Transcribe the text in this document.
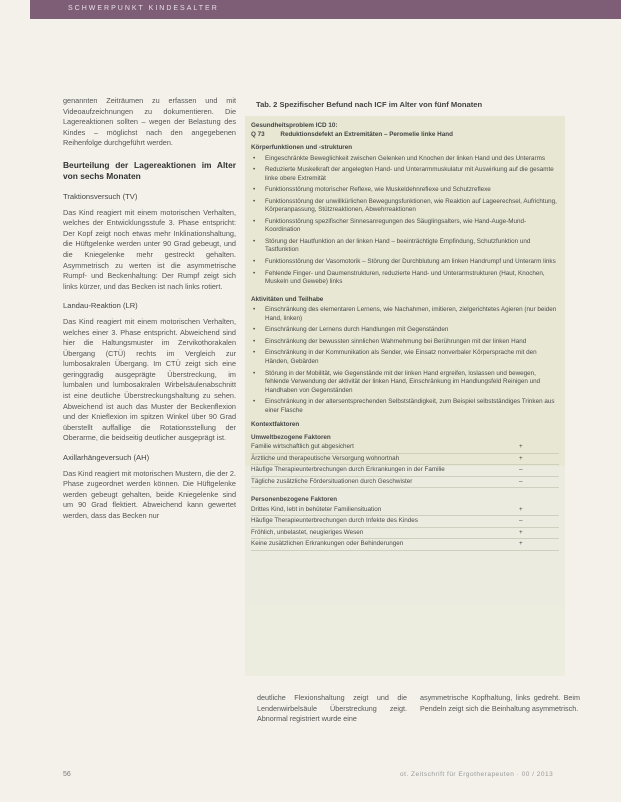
SCHWERPUNKT KINDESALTER

genannten Zeiträumen zu erfassen und mit Videoaufzeichnungen zu dokumentieren. Die Lagereaktionen sollten – wegen der Belastung des Kindes – möglichst nach den angegebenen Reihenfolge durchgeführt werden.

Beurteilung der Lagereaktionen im Alter von sechs Monaten
Traktionsversuch (TV)

Das Kind reagiert mit einem motorischen Verhalten, welches der Entwicklungsstufe 3. Phase entspricht: Der Kopf zeigt noch etwas mehr Inklinationshaltung, die Hüftgelenke werden unter 90 Grad gebeugt, und die Kniegelenke mehr gestreckt gehalten. Asymmetrisch zu werten ist die asymmetrische Rumpf- und Beckenhaltung: Der Rumpf zeigt sich links kürzer, und das Becken ist nach links rotiert.

Landau-Reaktion (LR)

Das Kind reagiert mit einem motorischen Verhalten, welches einer 3. Phase entspricht. Abweichend sind hier die Haltungsmuster im Zervikothorakalen Übergang (CTÜ) rechts im Vergleich zur lumbosakralen Übergang. Im CTÜ zeigt sich eine geringgradig ausgeprägte Überstreckung, im lumbalen und lumbosakralen Wirbelsäulenabschnitt ist eine deutliche Überstreckungshaltung zu sehen. Abweichend ist auch das Muster der Beckenflexion und der Knieflexion im spitzen Winkel über 90 Grad überstellt auffallige die Rotationsstellung der Oberarme, die beidseitig deutlicher ausgeprägt ist.

Axillarhängeversuch (AH)

Das Kind reagiert mit motorischen Mustern, die der 2. Phase zugeordnet werden können. Die Hüftgelenke werden gebeugt gehalten, beide Kniegelenke sind um 90 Grad flektiert. Abweichend kann gewertet werden, dass das Becken nur

Tab. 2 Spezifischer Befund nach ICF im Alter von fünf Monaten
Gesundheitsproblem ICD 10:
Q 73	Reduktionsdefekt an Extremitäten – Peromelie linke Hand
Körperfunktionen und -strukturen
• Eingeschränkte Beweglichkeit zwischen Gelenken und Knochen der linken Hand und des Unterarms
• Reduzierte Muskelkraft der angelegten Hand- und Unterarmmuskulatur mit Auswirkung auf die gesamte linke obere Extremität
• Funktionsstörung motorischer Reflexe, wie Muskeldehnreflexe und Schutzreflexe
• Funktionsstörung der unwillkürlichen Bewegungsfunktionen, wie Reaktion auf Lageerechsel, Aufrichtung, Körperanpassung, Stützreaktionen, Abwehrreaktionen
• Funktionsstörung spezifischer Sinnesanregungen des Säuglingsalters, wie Hand-Auge-Mund-Koordination
• Störung der Hautfunktion an der linken Hand – beeinträchtigte Empfindung, Schutzfunktion und Tastfunktion
• Funktionsstörung der Vasomotorik – Störung der Durchblutung am linken Handrumpf und Unterarm links
• Fehlende Finger- und Daumenstrukturen, reduzierte Hand- und Unterarmstrukturen (Haut, Knochen, Muskeln und Gewebe) links
Aktivitäten und Teilhabe
• Einschränkung des elementaren Lernens, wie Nachahmen, imitieren, zielgerichtetes Agieren (nur beiden Hand, linken)
• Einschränkung der Lernens durch Handlungen mit Gegenständen
• Einschränkung der bewussten sinnlichen Wahrnehmung bei Berührungen mit der linken Hand
• Einschränkung in der Kommunikation als Sender, wie Einsatz nonverbaler Körpersprache mit den Händen, Gebärden
• Störung in der Mobilität, wie Gegenstände mit der linken Hand ergreifen, loslassen und bewegen, fehlende Verwendung der aktivität der linken Hand, Einschränkung im Handlungsfeld Reinigen und Handhaben von Gegenständen
• Einschränkung in der altersentsprechenden Selbstständigkeit, zum Beispiel selbstständiges Trinken aus einer Flasche
Kontextfaktoren
Umweltbezogene Faktoren
Familie wirtschaftlich gut abgesichert	+
Ärztliche und therapeutische Versorgung wohnortnah	+
Häufige Therapieunterbrechungen durch Erkrankungen in der Familie	–
Tägliche zusätzliche Fördersituationen durch Geschwister	–
Personenbezogene Faktoren
Drittes Kind, lebt in behüteter Familiensituation	+
Häufige Therapieunterbrechungen durch Infekte des Kindes	–
Fröhlich, unbelastet, neugieriges Wesen	+
Keine zusätzlichen Erkrankungen oder Behinderungen	+
deutliche Flexionshaltung zeigt und die Lendenwirbelsäule Überstreckung zeigt. Abnormal registriert wurde eine
asymmetrische Kopfhaltung, links gedreht. Beim Pendeln zeigt sich die Beinhaltung asymmetrisch.
56	ot. Zeitschrift für Ergotherapeuten · 00 / 2013
